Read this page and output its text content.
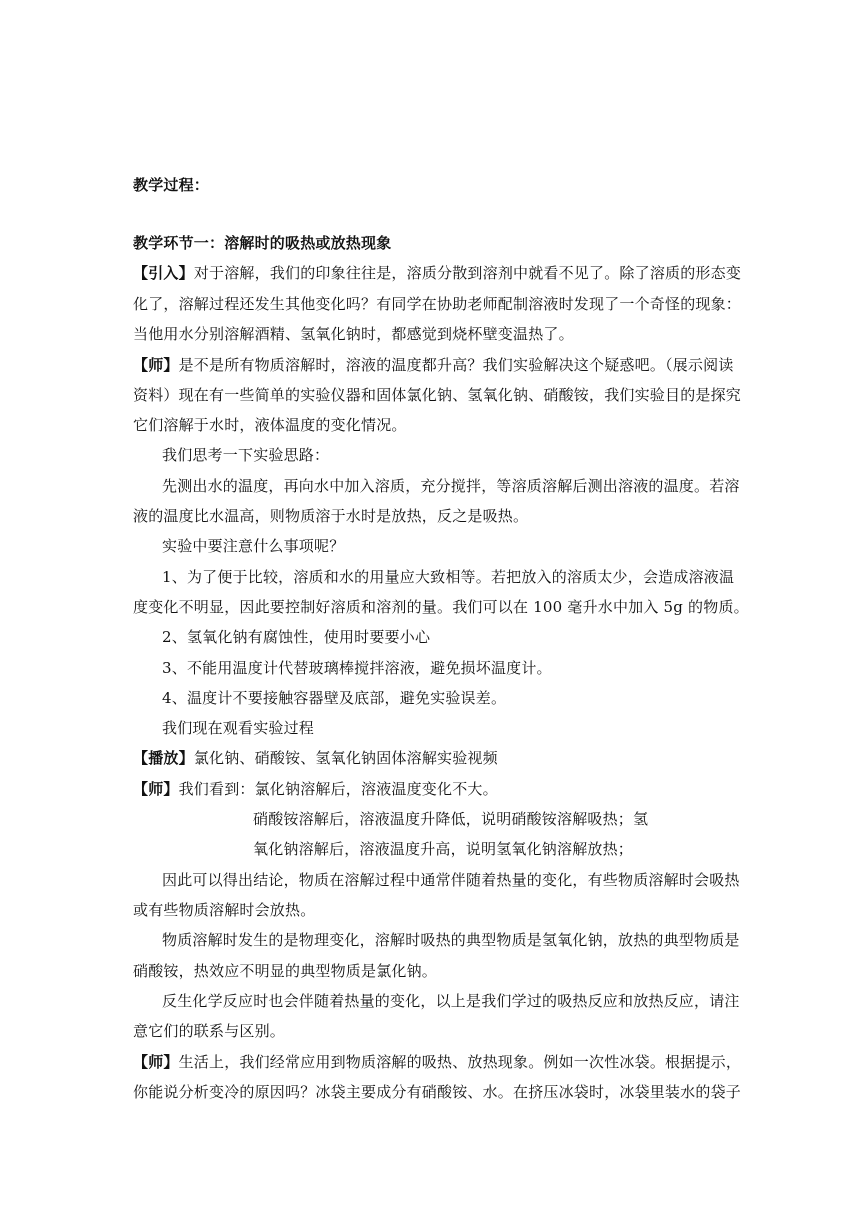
教学过程：
教学环节一：溶解时的吸热或放热现象
【引入】对于溶解，我们的印象往往是，溶质分散到溶剂中就看不见了。除了溶质的形态变
化了，溶解过程还发生其他变化吗？有同学在协助老师配制溶液时发现了一个奇怪的现象：
当他用水分别溶解酒精、氢氧化钠时，都感觉到烧杯壁变温热了。
【师】是不是所有物质溶解时，溶液的温度都升高？我们实验解决这个疑惑吧。（展示阅读
资料）现在有一些简单的实验仪器和固体氯化钠、氢氧化钠、硝酸铵，我们实验目的是探究
它们溶解于水时，液体温度的变化情况。
我们思考一下实验思路：
先测出水的温度，再向水中加入溶质，充分搅拌，等溶质溶解后测出溶液的温度。若溶
液的温度比水温高，则物质溶于水时是放热，反之是吸热。
实验中要注意什么事项呢？
1、为了便于比较，溶质和水的用量应大致相等。若把放入的溶质太少，会造成溶液温
度变化不明显，因此要控制好溶质和溶剂的量。我们可以在 100 毫升水中加入 5g 的物质。
2、氢氧化钠有腐蚀性，使用时要要小心
3、不能用温度计代替玻璃棒搅拌溶液，避免损坏温度计。
4、温度计不要接触容器壁及底部，避免实验误差。
我们现在观看实验过程
【播放】氯化钠、硝酸铵、氢氧化钠固体溶解实验视频
【师】我们看到：氯化钠溶解后，溶液温度变化不大。
硝酸铵溶解后，溶液温度升降低，说明硝酸铵溶解吸热；氢
氧化钠溶解后，溶液温度升高，说明氢氧化钠溶解放热；
因此可以得出结论，物质在溶解过程中通常伴随着热量的变化，有些物质溶解时会吸热
或有些物质溶解时会放热。
物质溶解时发生的是物理变化，溶解时吸热的典型物质是氢氧化钠，放热的典型物质是
硝酸铵，热效应不明显的典型物质是氯化钠。
反生化学反应时也会伴随着热量的变化，以上是我们学过的吸热反应和放热反应，请注
意它们的联系与区别。
【师】生活上，我们经常应用到物质溶解的吸热、放热现象。例如一次性冰袋。根据提示，
你能说分析变冷的原因吗？冰袋主要成分有硝酸铵、水。在挤压冰袋时，冰袋里装水的袋子
